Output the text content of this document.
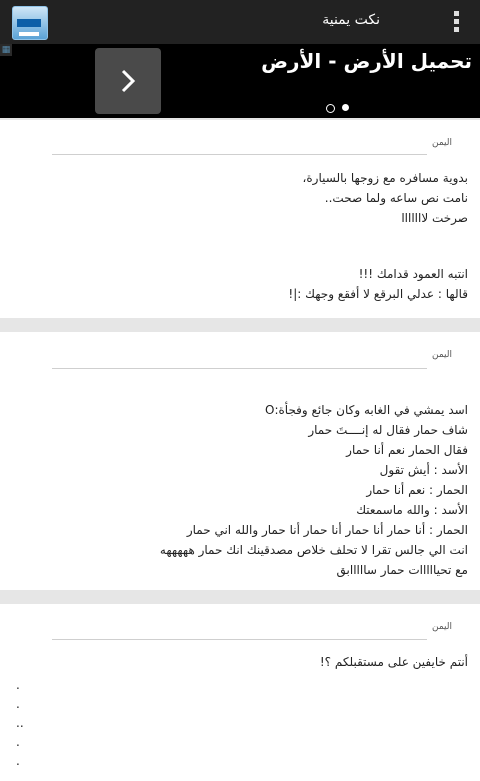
نكت يمنية
▦	تحميل الأرض - الأرض
اليمن
بدوية مسافره مع زوجها بالسيارة،
نامت نص ساعه ولما صحت..
صرخت لااااااا
انتبه العمود قدامك !!!
قالها : عدلي البرقع لا أفقع وجهك :|!
اليمن
اسد يمشي في الغابه وكان جائع وفجأة:O
شاف حمار فقال له إنــــتَ حمار
فقال الحمار نعم أنا حمار
الأسد : أيش تقول
الحمار : نعم أنا حمار
الأسد : والله ماسمعتك
الحمار : أنا حمار أنا حمار أنا حمار أنا حمار والله اني حمار
انت الي جالس تقرا لا تحلف خلاص مصدقينك انك حمار هههههه
مع تحيااااات حمار سااااابق
اليمن
أنتم خايفين على مستقبلكم ؟!
.
.
..
.
.
